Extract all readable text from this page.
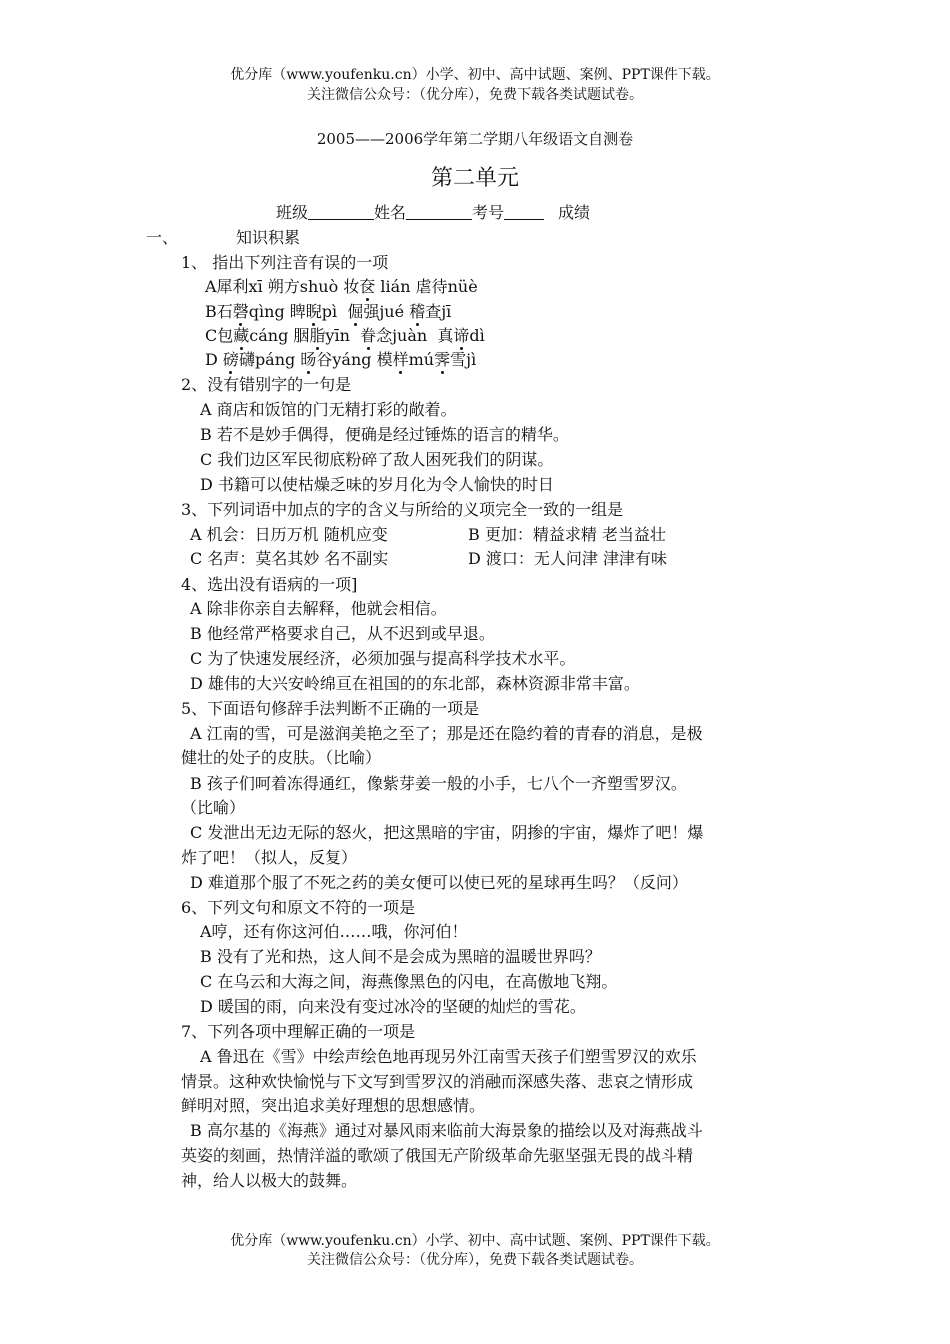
优分库（www.youfenku.cn）小学、初中、高中试题、案例、PPT课件下载。
关注微信公众号：（优分库），免费下载各类试题试卷。
2005——2006学年第二学期八年级语文自测卷
第二单元
班级	姓名	考号	成绩
一、	知识积累
1、 指出下列注音有误的一项
A犀利xī 朔方shuò 妆奁 lián 虐待nüè
B石磬qìng 睥睨pì  倔强jué 稽查jī
C包藏cáng 胭脂yīn  眷念juàn  真谛dì
D 磅礴páng 旸谷yáng 模样mú霁雪jì
2、没有错别字的一句是
A 商店和饭馆的门无精打彩的敞着。
B 若不是妙手偶得，便确是经过锤炼的语言的精华。
C 我们边区军民彻底粉碎了敌人困死我们的阴谋。
D 书籍可以使枯燥乏味的岁月化为令人愉快的时日
3、下列词语中加点的字的含义与所给的义项完全一致的一组是
A 机会：日历万机 随机应变	B 更加：精益求精 老当益壮
C 名声：莫名其妙 名不副实	D 渡口：无人问津 津津有味
4、选出没有语病的一项]
A 除非你亲自去解释，他就会相信。
B 他经常严格要求自己，从不迟到或早退。
C 为了快速发展经济，必须加强与提高科学技术水平。
D 雄伟的大兴安岭绵亘在祖国的的东北部，森林资源非常丰富。
5、下面语句修辞手法判断不正确的一项是
A 江南的雪，可是滋润美艳之至了；那是还在隐约着的青春的消息，是极
健壮的处子的皮肤。（比喻）
B 孩子们呵着冻得通红，像紫芽姜一般的小手，七八个一齐塑雪罗汉。
（比喻）
C 发泄出无边无际的怒火，把这黑暗的宇宙，阴掺的宇宙，爆炸了吧！爆
炸了吧！（拟人，反复）
D 难道那个服了不死之药的美女便可以使已死的星球再生吗？（反问）
6、下列文句和原文不符的一项是
A哼，还有你这河伯……哦，你河伯！
B 没有了光和热，这人间不是会成为黑暗的温暖世界吗？
C 在乌云和大海之间，海燕像黑色的闪电，在高傲地飞翔。
D 暖国的雨，向来没有变过冰冷的坚硬的灿烂的雪花。
7、下列各项中理解正确的一项是
A 鲁迅在《雪》中绘声绘色地再现另外江南雪天孩子们塑雪罗汉的欢乐
情景。这种欢快愉悦与下文写到雪罗汉的消融而深感失落、悲哀之情形成
鲜明对照，突出追求美好理想的思想感情。
B 高尔基的《海燕》通过对暴风雨来临前大海景象的描绘以及对海燕战斗
英姿的刻画，热情洋溢的歌颂了俄国无产阶级革命先驱坚强无畏的战斗精
神，给人以极大的鼓舞。
优分库（www.youfenku.cn）小学、初中、高中试题、案例、PPT课件下载。
关注微信公众号：（优分库），免费下载各类试题试卷。
